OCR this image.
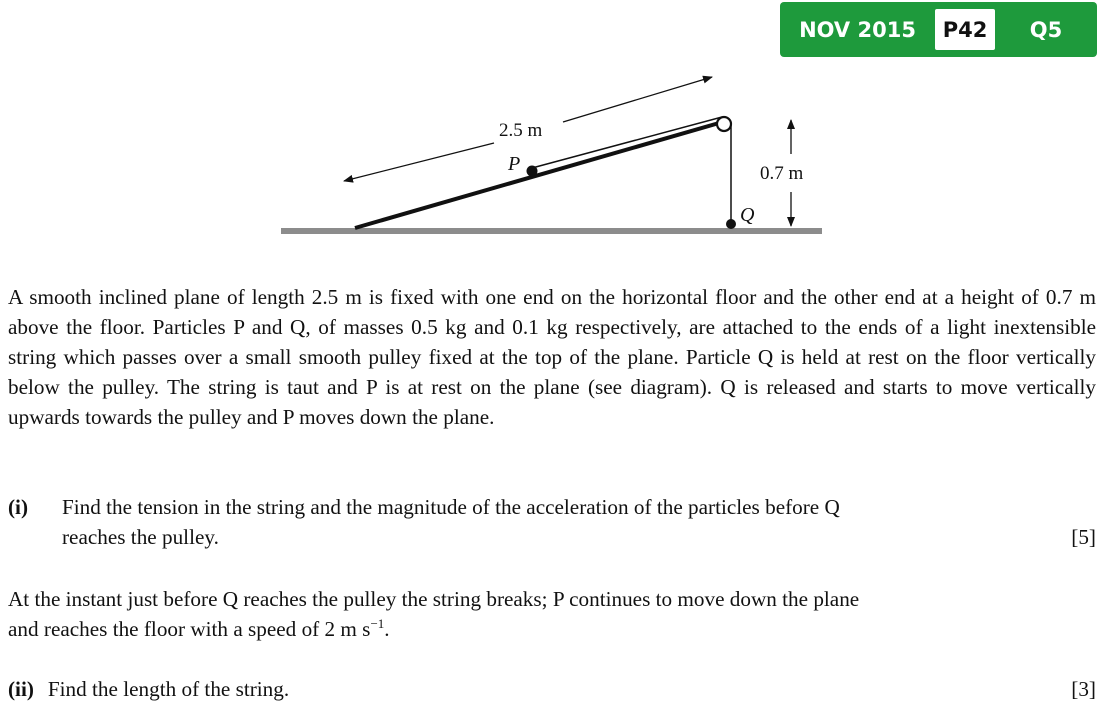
NOV 2015	P42	Q5
2.5 m
0.7 m
P
Q
A smooth inclined plane of length 2.5 m is fixed with one end on the horizontal floor and the other end at a height of 0.7 m above the floor. Particles P and Q, of masses 0.5 kg and 0.1 kg respectively, are attached to the ends of a light inextensible string which passes over a small smooth pulley fixed at the top of the plane. Particle Q is held at rest on the floor vertically below the pulley. The string is taut and P is at rest on the plane (see diagram). Q is released and starts to move vertically upwards towards the pulley and P moves down the plane.
(i)	Find the tension in the string and the magnitude of the acceleration of the particles before Q
reaches the pulley.	[5]
At the instant just before Q reaches the pulley the string breaks; P continues to move down the plane
and reaches the floor with a speed of 2 m $s^{-1}$.
(ii) Find the length of the string.	[3]
